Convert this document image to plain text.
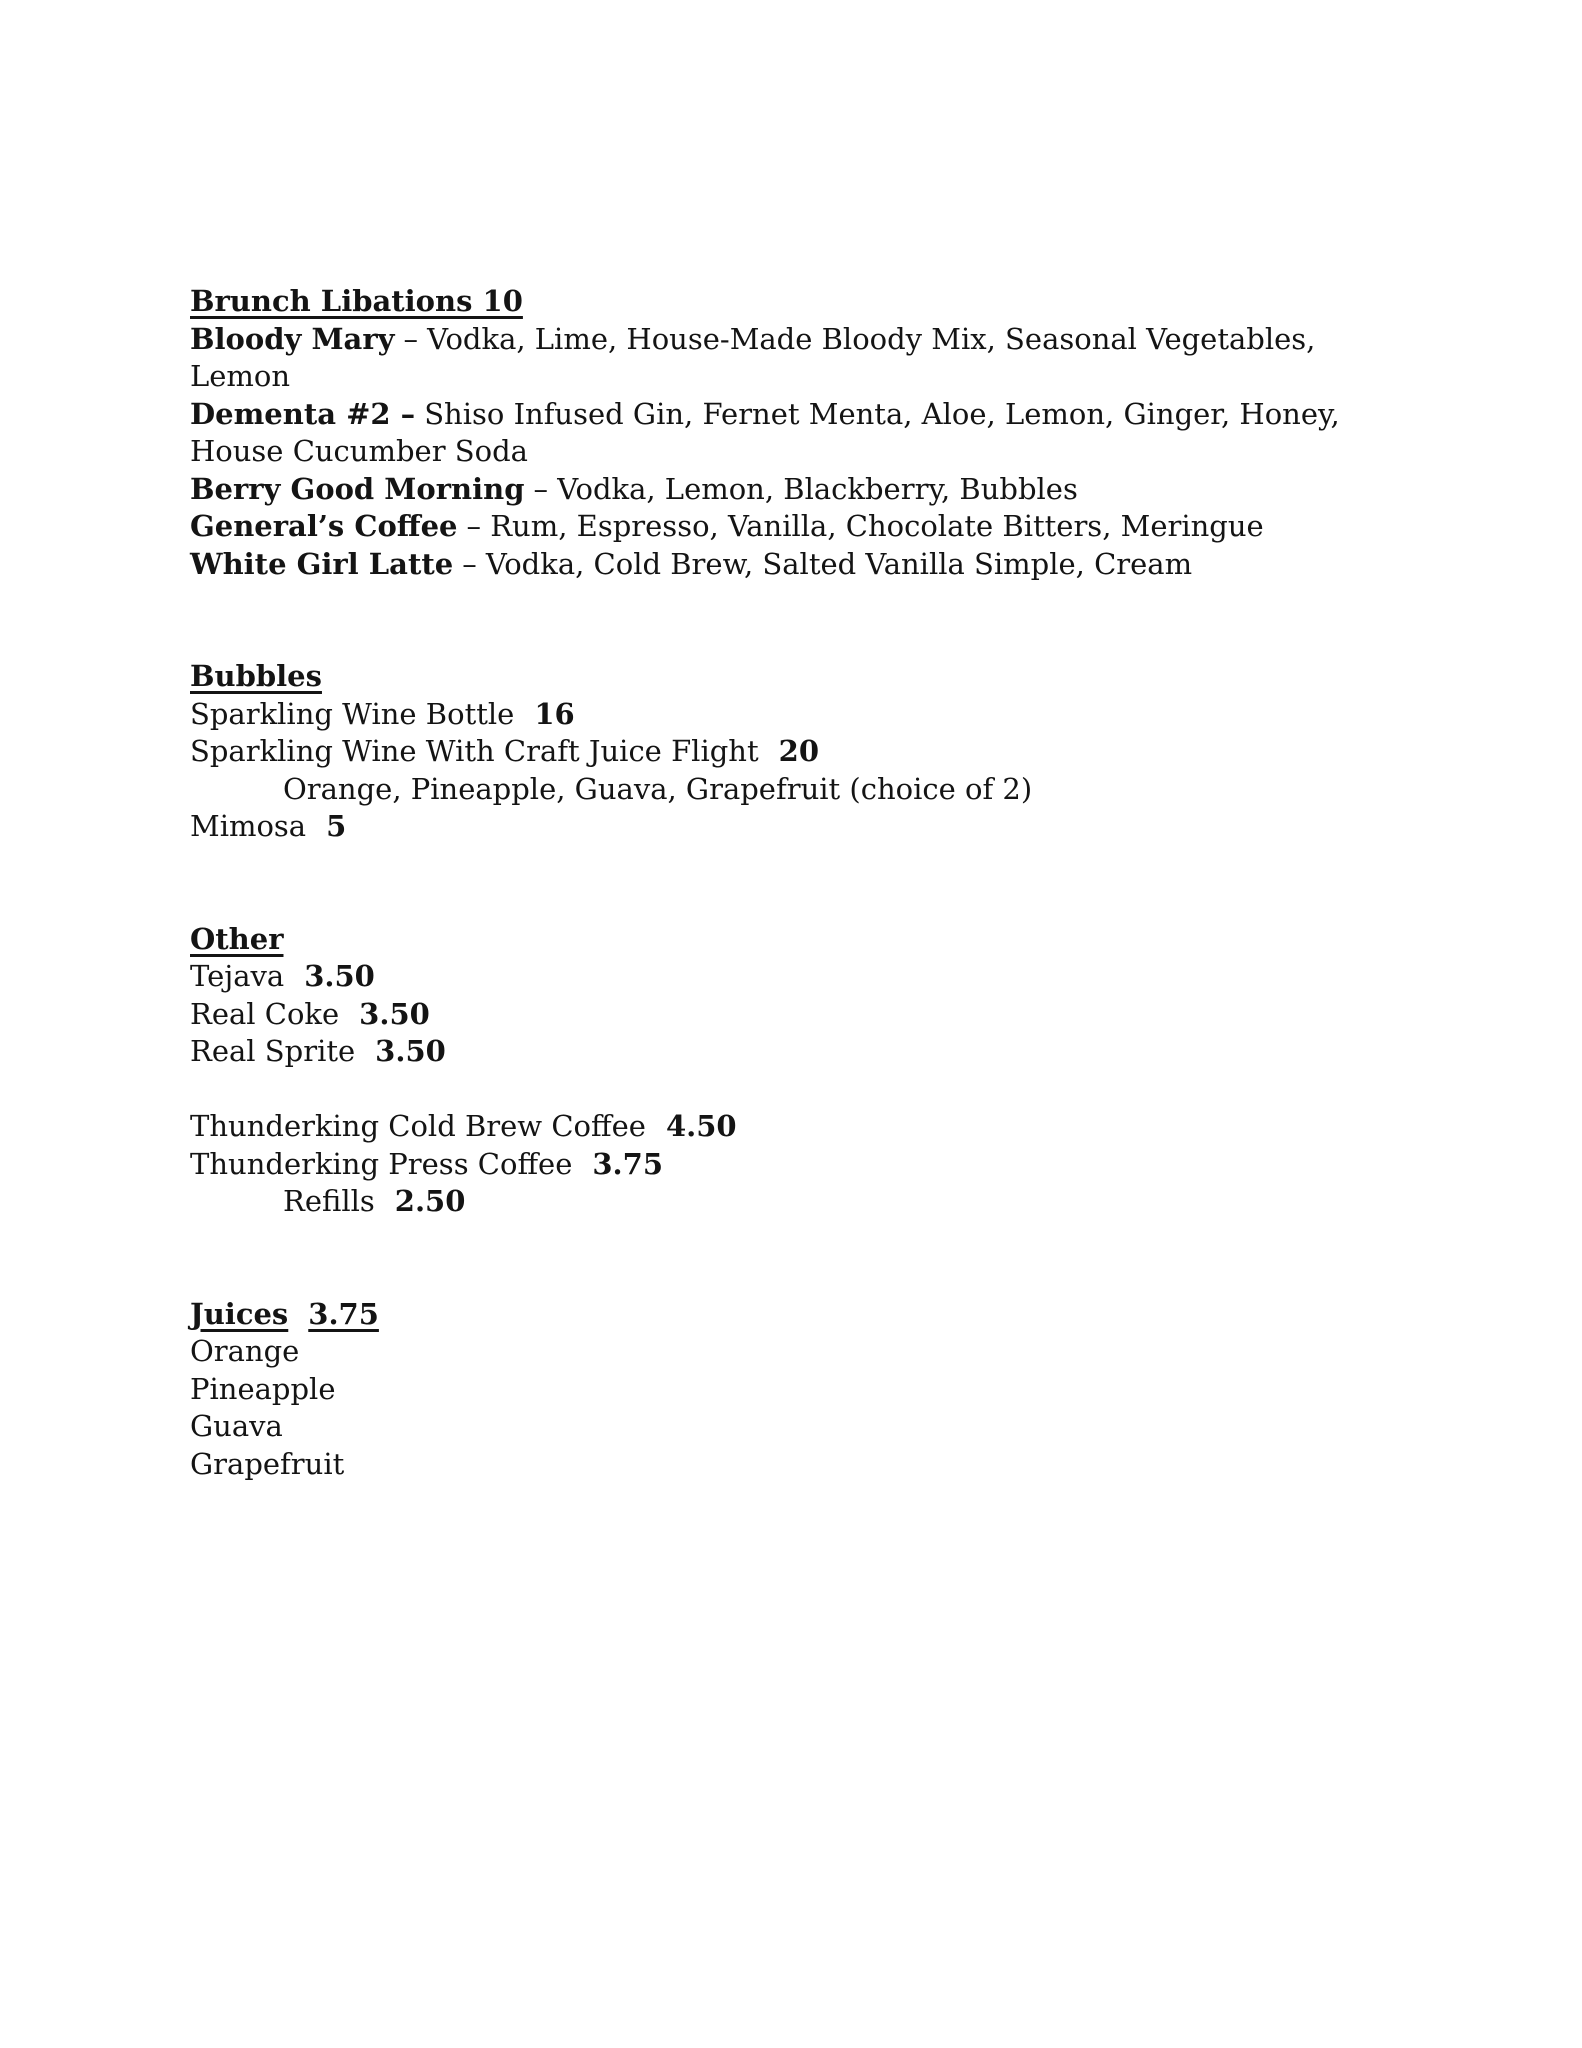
Brunch Libations 10

Bloody Mary – Vodka, Lime, House-Made Bloody Mix, Seasonal Vegetables,

Lemon

Dementa #2 – Shiso Infused Gin, Fernet Menta, Aloe, Lemon, Ginger, Honey,

House Cucumber Soda

Berry Good Morning – Vodka, Lemon, Blackberry, Bubbles

General’s Coffee – Rum, Espresso, Vanilla, Chocolate Bitters, Meringue

White Girl Latte – Vodka, Cold Brew, Salted Vanilla Simple, Cream

Bubbles

Sparkling Wine Bottle 16

Sparkling Wine With Craft Juice Flight 20

Orange, Pineapple, Guava, Grapefruit (choice of 2)

Mimosa 5

Other

Tejava 3.50

Real Coke 3.50

Real Sprite 3.50

Thunderking Cold Brew Coffee 4.50

Thunderking Press Coffee 3.75

Refills 2.50

Juices 3.75

Orange

Pineapple

Guava

Grapefruit
